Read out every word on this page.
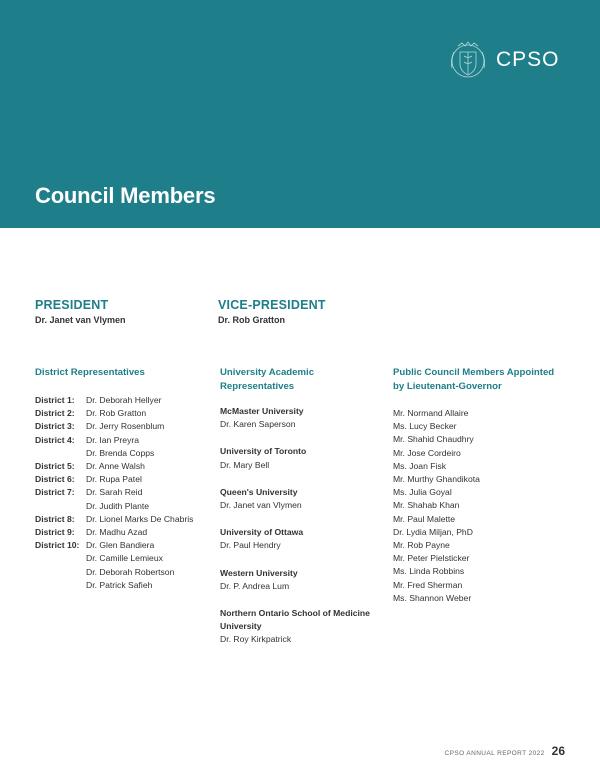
CPSO
Council Members

PRESIDENT

Dr. Janet van Vlymen

VICE-PRESIDENT

Dr. Rob Gratton

District Representatives

District 1:	Dr. Deborah Hellyer
District 2:	Dr. Rob Gratton
District 3:	Dr. Jerry Rosenblum
District 4:	Dr. Ian Preyra
Dr. Brenda Copps
District 5:	Dr. Anne Walsh
District 6:	Dr. Rupa Patel
District 7:	Dr. Sarah Reid
Dr. Judith Plante
District 8:	Dr. Lionel Marks De Chabris
District 9:	Dr. Madhu Azad
District 10: Dr. Glen Bandiera
Dr. Camille Lemieux
Dr. Deborah Robertson
Dr. Patrick Safieh

University Academic
Representatives

McMaster University
Dr. Karen Saperson
University of Toronto
Dr. Mary Bell
Queen's University
Dr. Janet van Vlymen
University of Ottawa
Dr. Paul Hendry
Western University
Dr. P. Andrea Lum
Northern Ontario School of Medicine
University
Dr. Roy Kirkpatrick

Public Council Members Appointed
by Lieutenant-Governor

Mr. Normand Allaire
Ms. Lucy Becker
Mr. Shahid Chaudhry
Mr. Jose Cordeiro
Ms. Joan Fisk
Mr. Murthy Ghandikota
Ms. Julia Goyal
Mr. Shahab Khan
Mr. Paul Malette
Dr. Lydia Miljan, PhD
Mr. Rob Payne
Mr. Peter Pielsticker
Ms. Linda Robbins
Mr. Fred Sherman
Ms. Shannon Weber
CPSO ANNUAL REPORT 2022 26
